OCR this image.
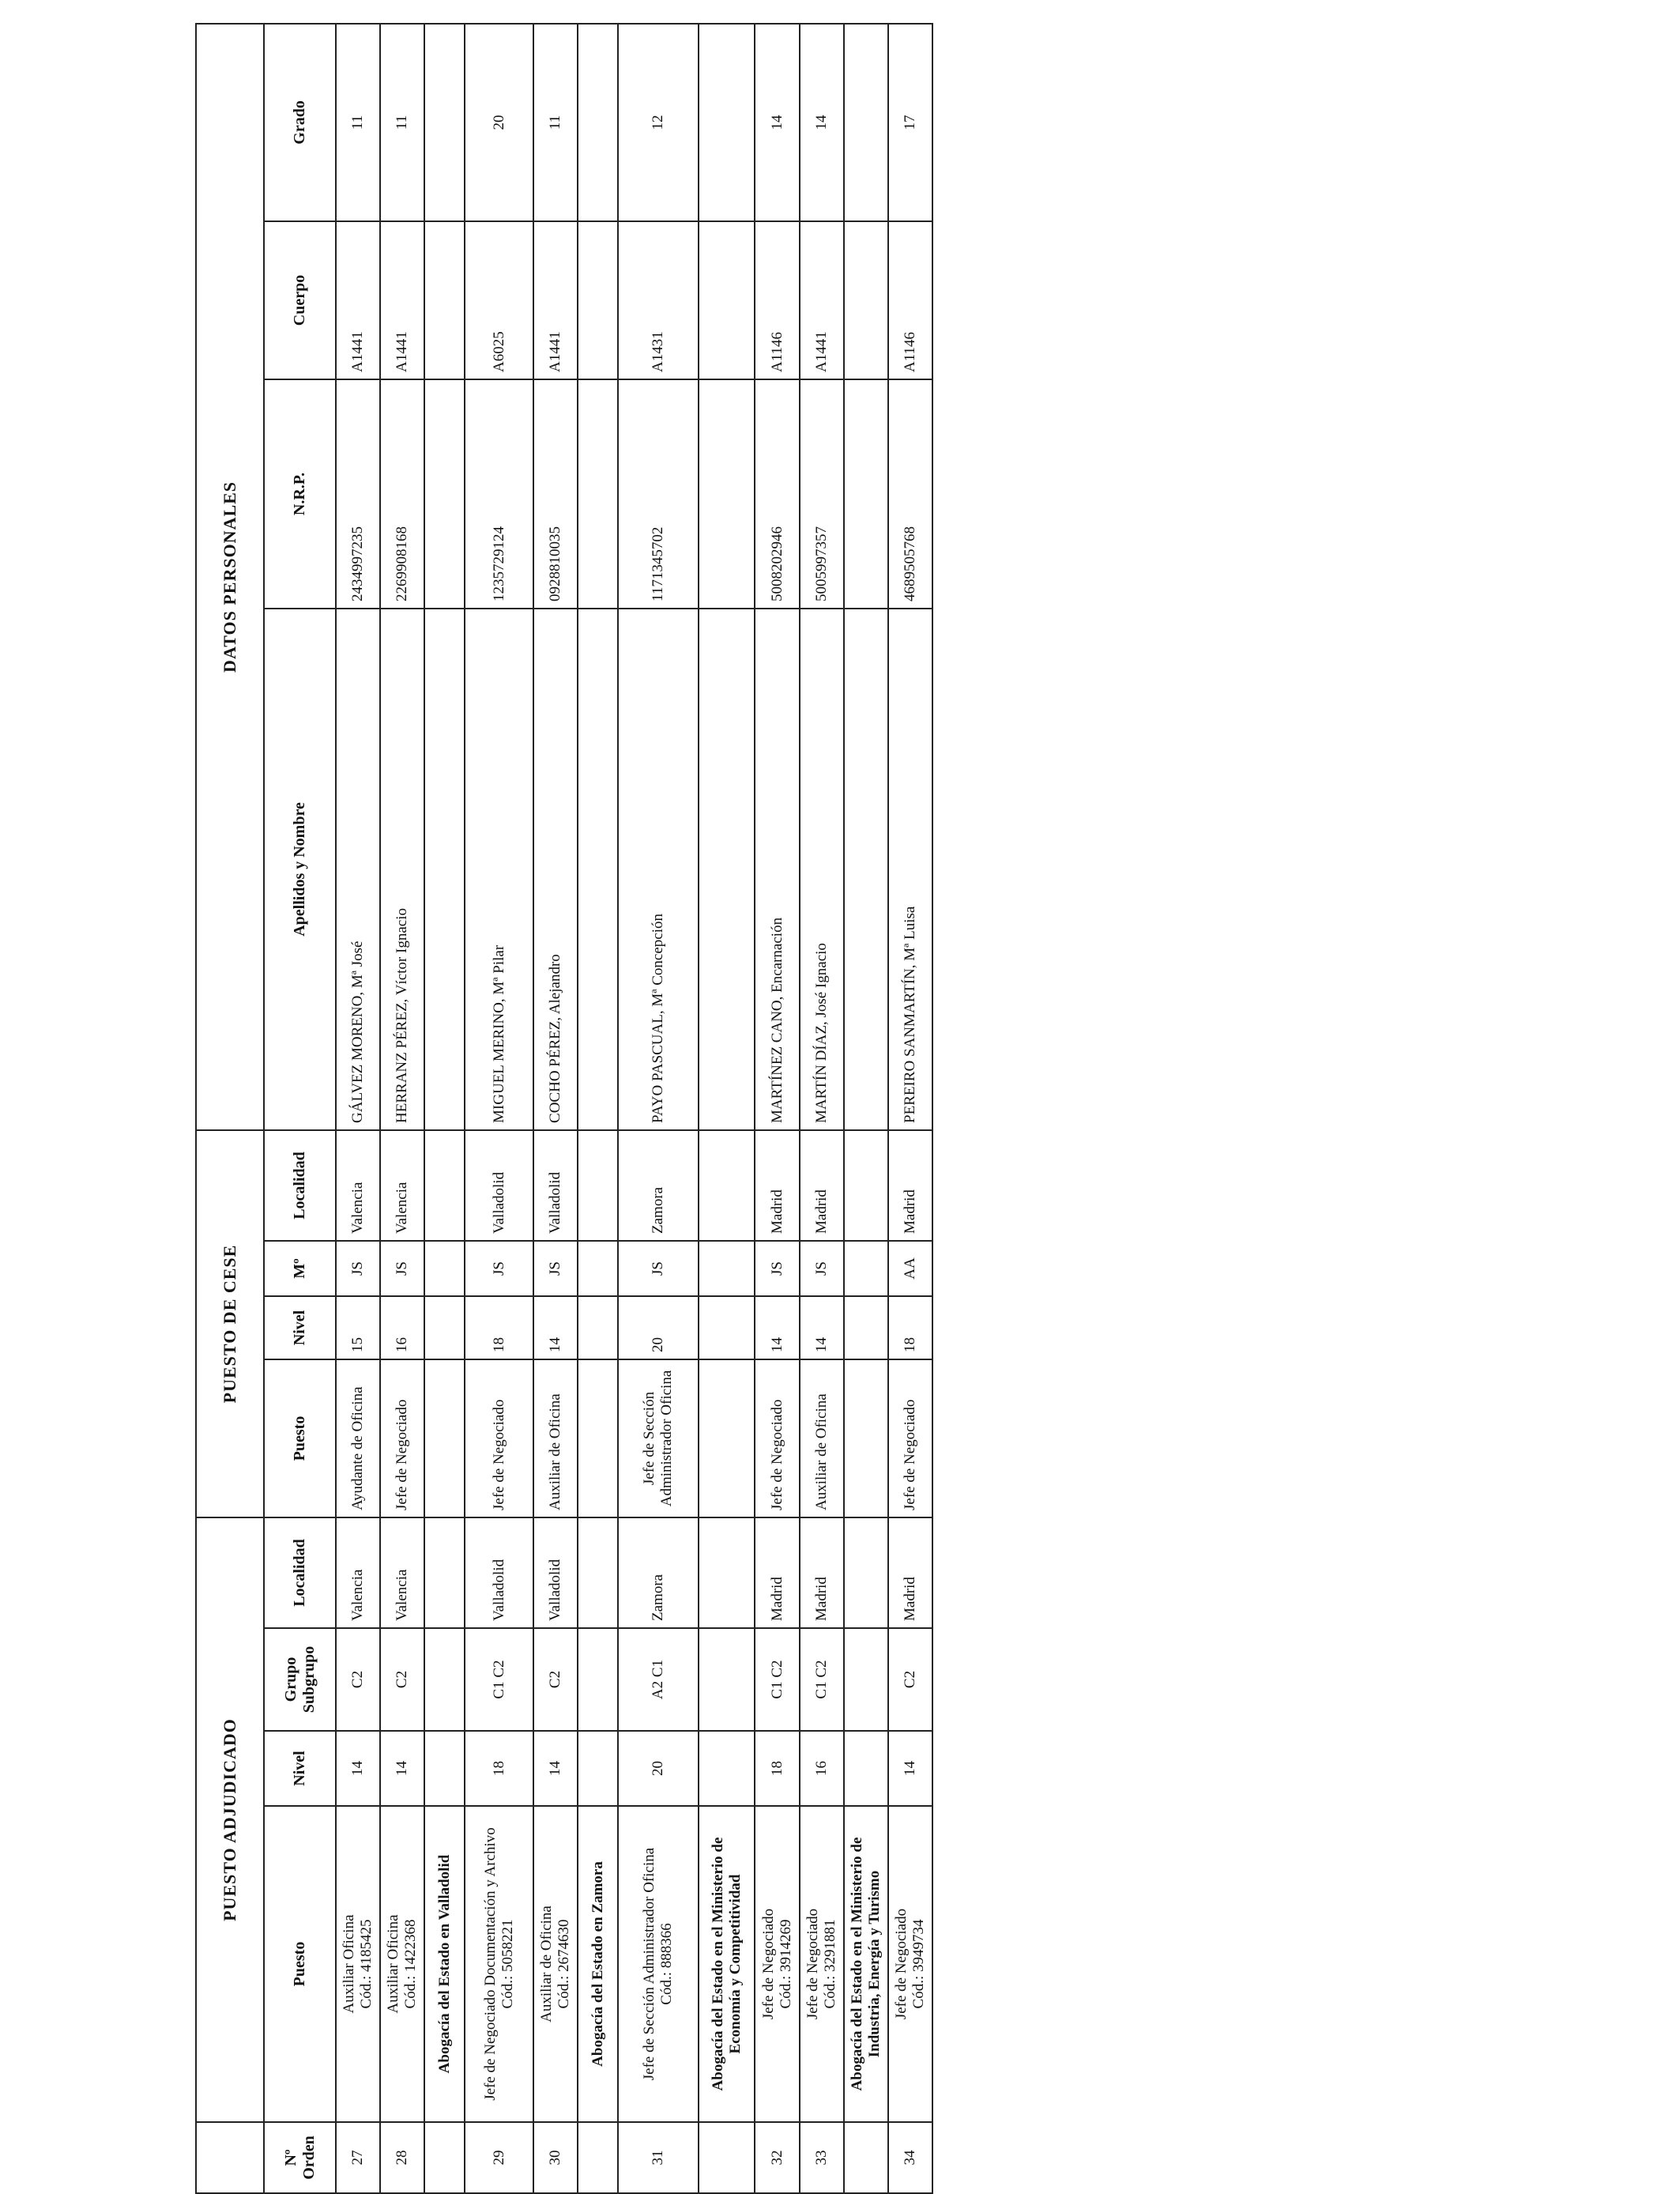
	PUESTO ADJUDICADO				PUESTO DE CESE				DATOS PERSONALES			
Nº Orden	Puesto	Nivel	Grupo Subgrupo	Localidad	Puesto	Nivel	Mº	Localidad	Apellidos y Nombre	N.R.P.	Cuerpo	Grado
27	Auxiliar Oficina Cód.: 4185425	14	C2	Valencia	Ayudante de Oficina	15	JS	Valencia	GÁLVEZ MORENO, Mª José	2434997235	A1441	11
28	Auxiliar Oficina Cód.: 1422368	14	C2	Valencia	Jefe de Negociado	16	JS	Valencia	HERRANZ PÉREZ, Víctor Ignacio	2269908168	A1441	11
	Abogacía del Estado en Valladolid											
29	Jefe de Negociado Documentación y Archivo Cód.: 5058221	18	C1 C2	Valladolid	Jefe de Negociado	18	JS	Valladolid	MIGUEL MERINO, Mª Pilar	1235729124	A6025	20
30	Auxiliar de Oficina Cód.: 2674630	14	C2	Valladolid	Auxiliar de Oficina	14	JS	Valladolid	COCHO PÉREZ, Alejandro	0928810035	A1441	11
	Abogacía del Estado en Zamora											
31	Jefe de Sección Administrador Oficina Cód.: 888366	20	A2 C1	Zamora	Jefe de Sección Administrador Oficina	20	JS	Zamora	PAYO PASCUAL, Mª Concepción	1171345702	A1431	12
	Abogacía del Estado en el Ministerio de Economía y Competitividad											
32	Jefe de Negociado Cód.: 3914269	18	C1 C2	Madrid	Jefe de Negociado	14	JS	Madrid	MARTÍNEZ CANO, Encarnación	5008202946	A1146	14
33	Jefe de Negociado Cód.: 3291881	16	C1 C2	Madrid	Auxiliar de Oficina	14	JS	Madrid	MARTÍN DÍAZ, José Ignacio	5005997357	A1441	14
	Abogacía del Estado en el Ministerio de Industria, Energía y Turismo											
34	Jefe de Negociado Cód.: 3949734	14	C2	Madrid	Jefe de Negociado	18	AA	Madrid	PEREIRO SANMARTÍN, Mª Luisa	4689505768	A1146	17
